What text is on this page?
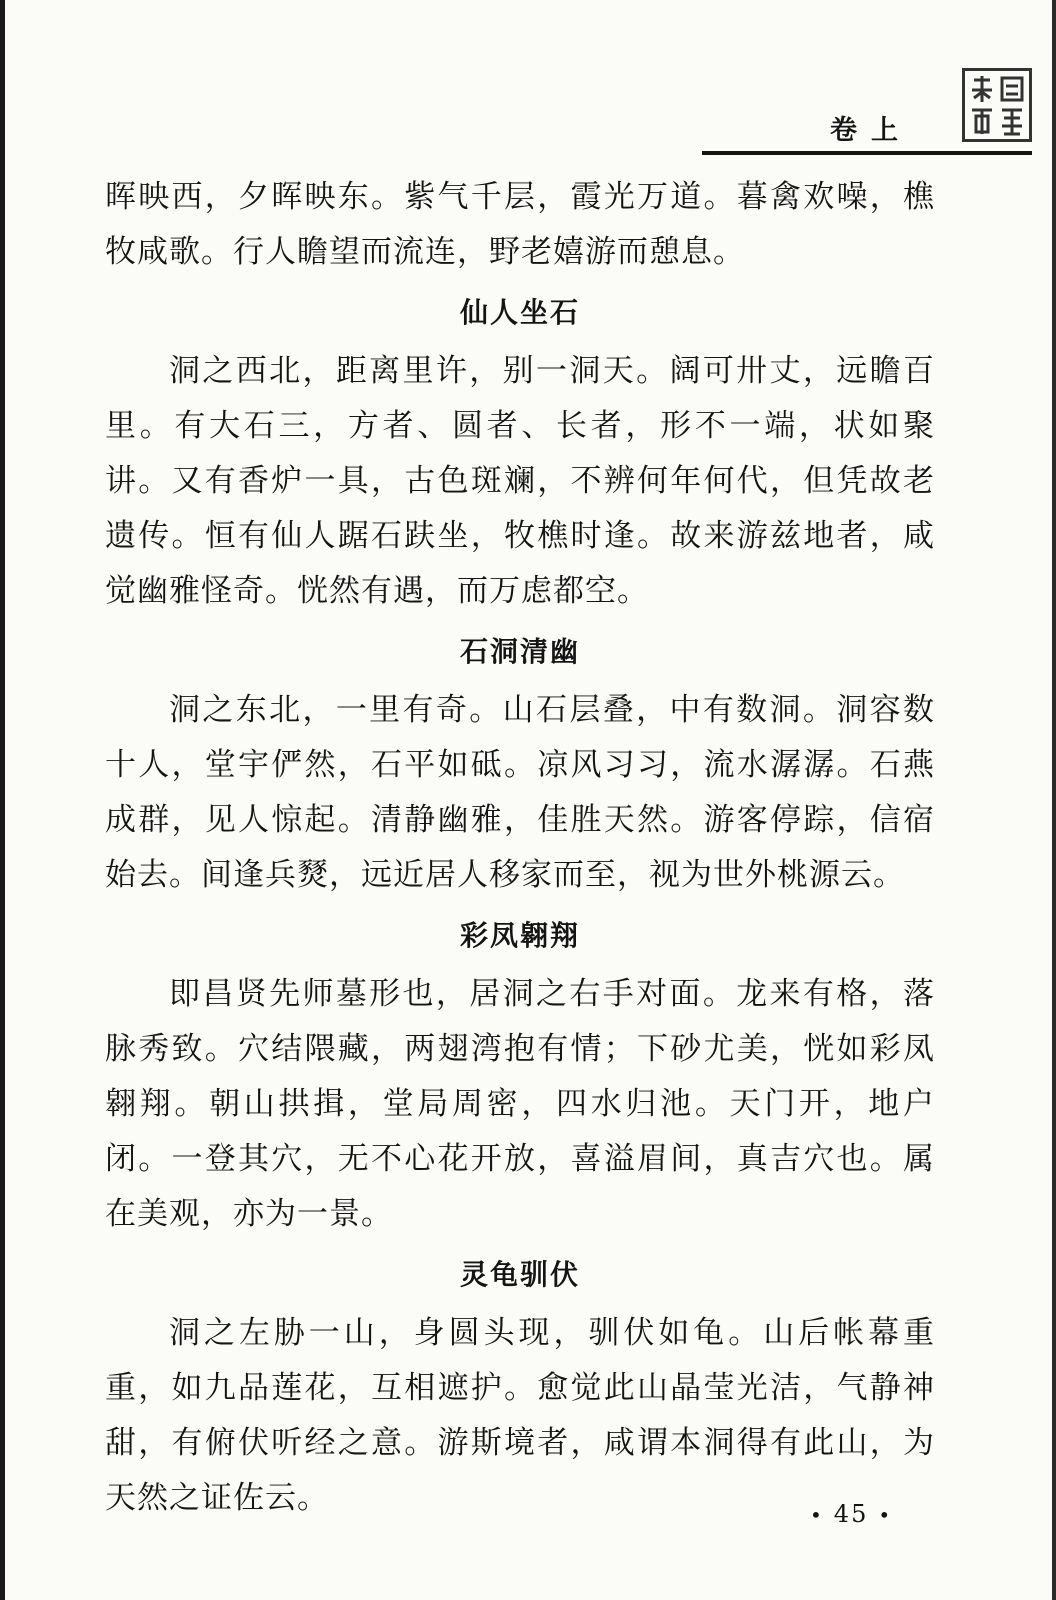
卷上

晖映西，夕晖映东。紫气千层，霞光万道。暮禽欢噪，樵牧咸歌。行人瞻望而流连，野老嬉游而憩息。

仙人坐石

洞之西北，距离里许，别一洞天。阔可卅丈，远瞻百里。有大石三，方者、圆者、长者，形不一端，状如聚讲。又有香炉一具，古色斑斓，不辨何年何代，但凭故老遗传。恒有仙人踞石趺坐，牧樵时逢。故来游兹地者，咸觉幽雅怪奇。恍然有遇，而万虑都空。

石洞清幽

洞之东北，一里有奇。山石层叠，中有数洞。洞容数十人，堂宇俨然，石平如砥。凉风习习，流水潺潺。石燕成群，见人惊起。清静幽雅，佳胜天然。游客停踪，信宿始去。间逢兵燹，远近居人移家而至，视为世外桃源云。

彩凤翱翔

即昌贤先师墓形也，居洞之右手对面。龙来有格，落脉秀致。穴结隈藏，两翅湾抱有情；下砂尤美，恍如彩凤翱翔。朝山拱揖，堂局周密，四水归池。天门开，地户闭。一登其穴，无不心花开放，喜溢眉间，真吉穴也。属在美观，亦为一景。

灵龟驯伏

洞之左胁一山，身圆头现，驯伏如龟。山后帐幕重重，如九品莲花，互相遮护。愈觉此山晶莹光洁，气静神甜，有俯伏听经之意。游斯境者，咸谓本洞得有此山，为天然之证佐云。	• 45 •
